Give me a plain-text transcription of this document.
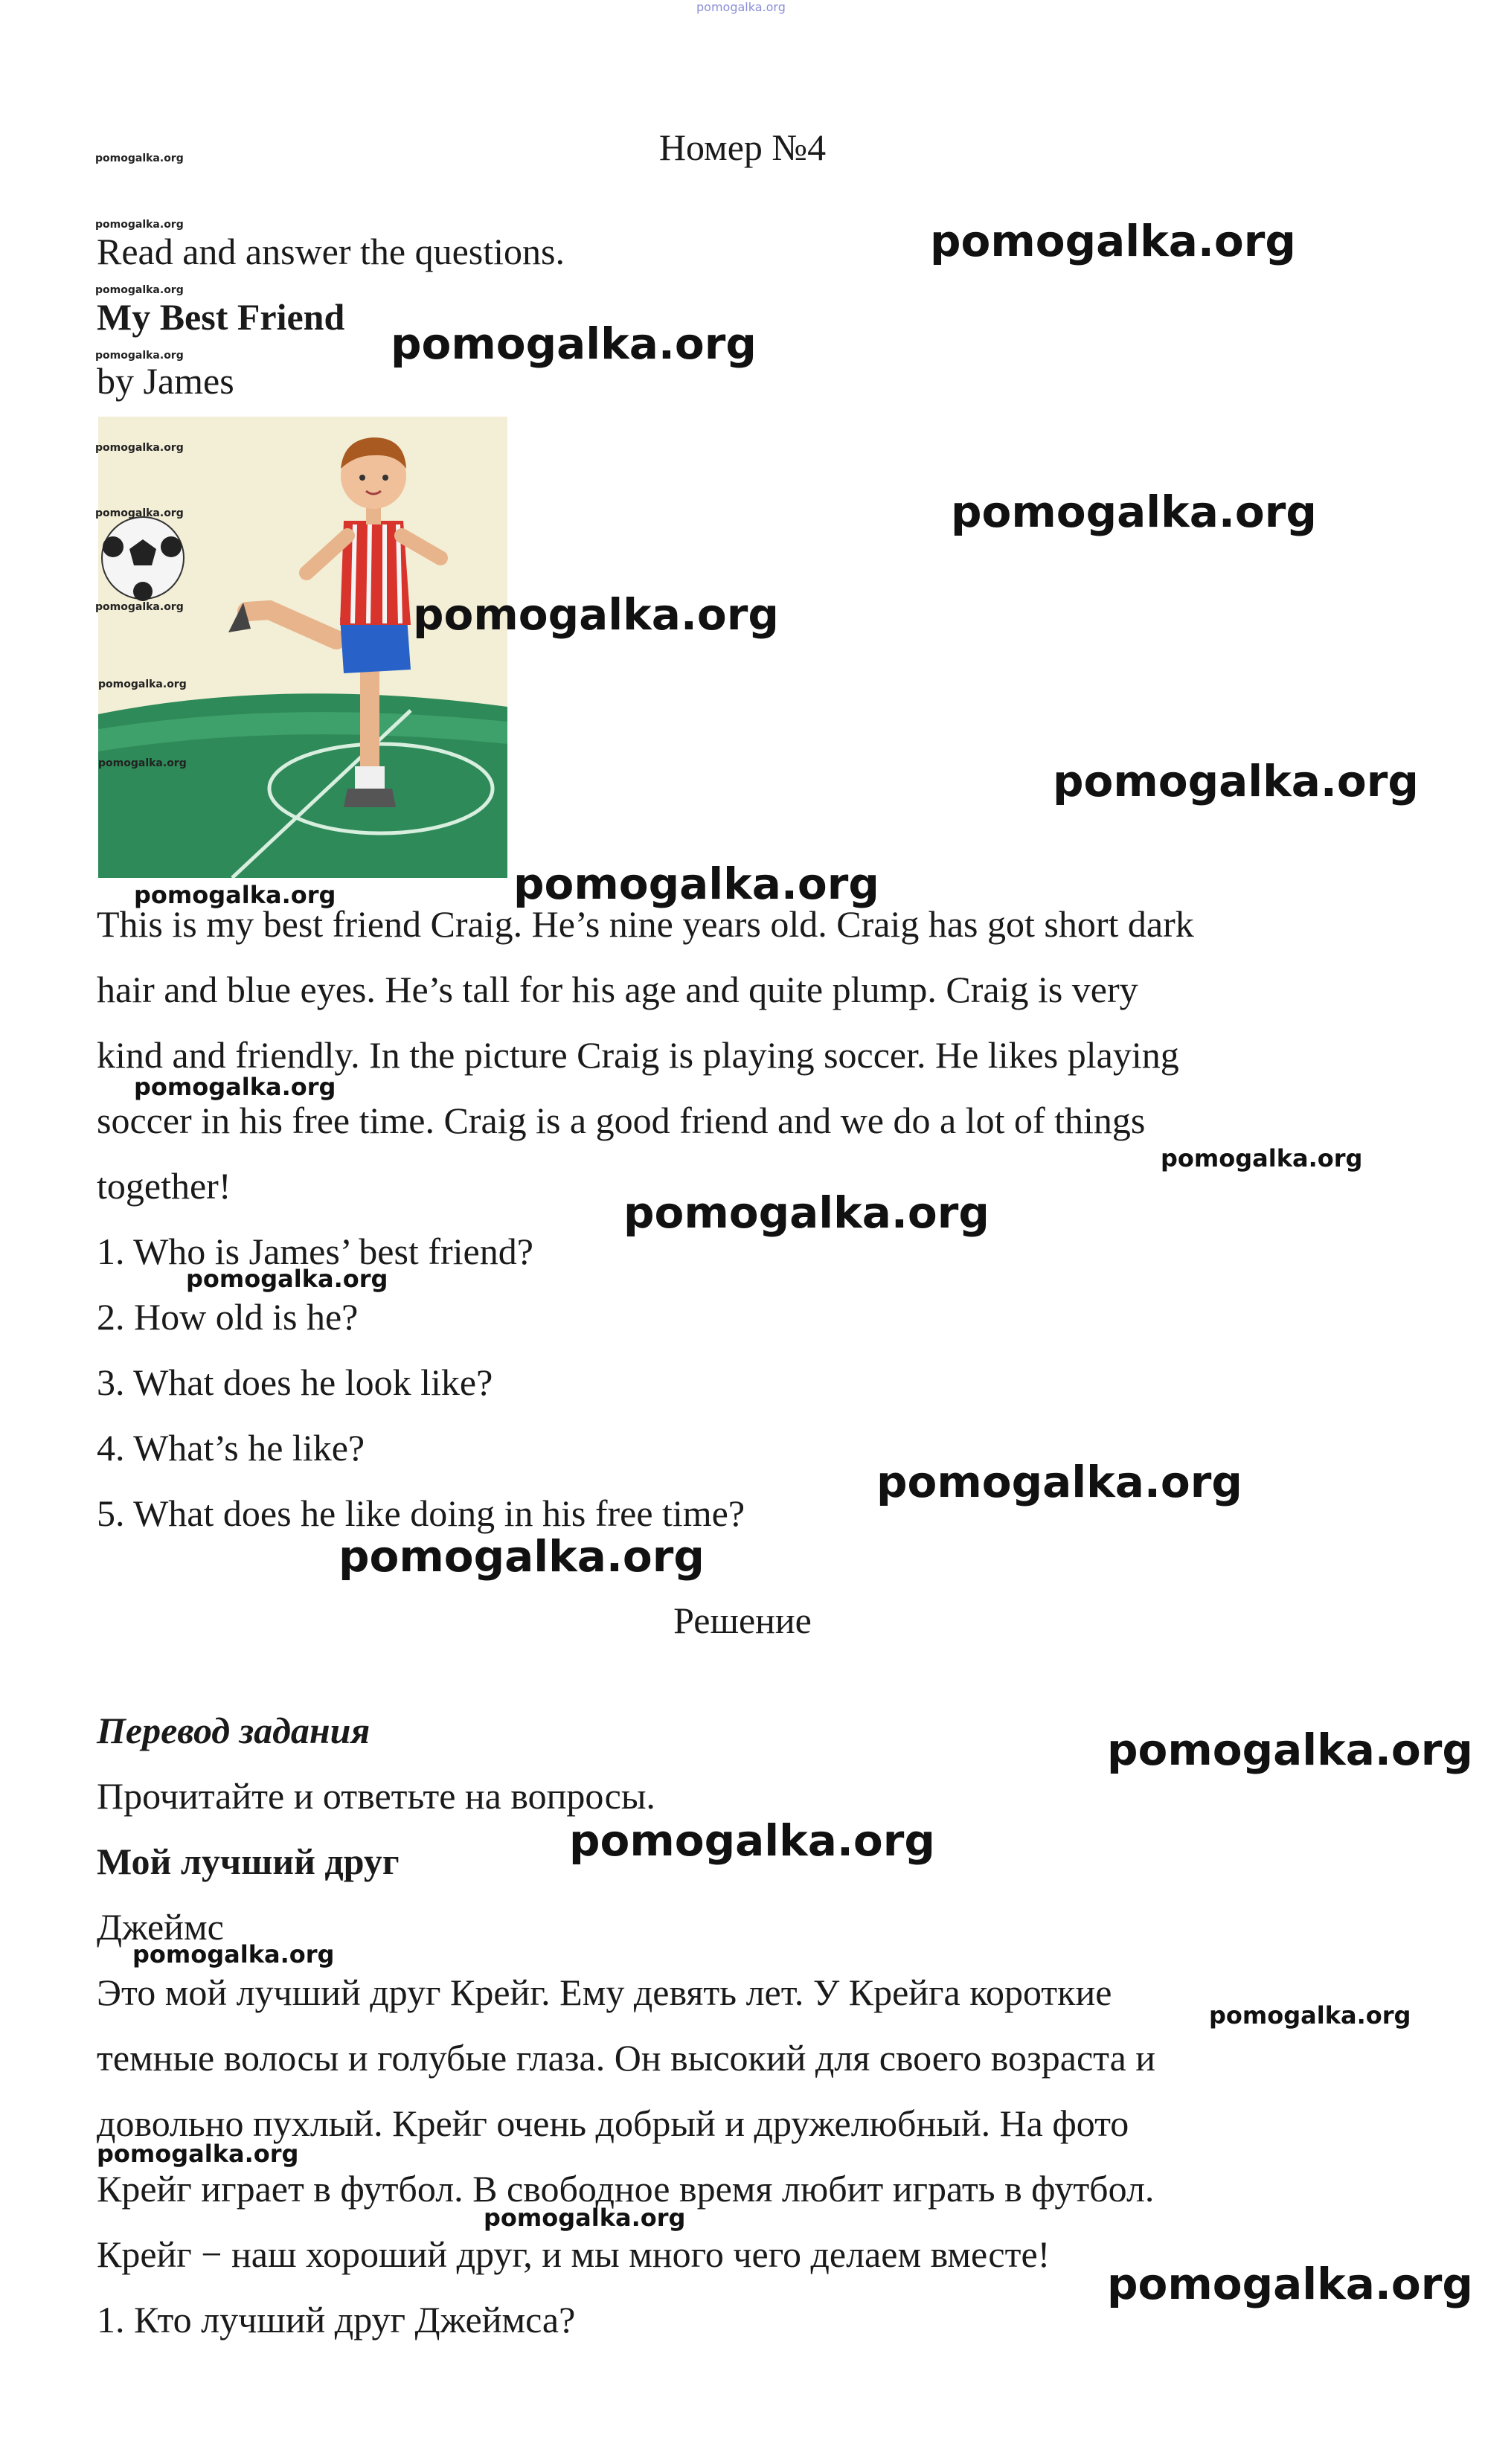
pomogalka.org
Номер №4
Read and answer the questions.
My Best Friend
by James
This is my best friend Craig. He’s nine years old. Craig has got short dark
hair and blue eyes. He’s tall for his age and quite plump. Craig is very
kind and friendly. In the picture Craig is playing soccer. He likes playing
soccer in his free time. Craig is a good friend and we do a lot of things
together!
1. Who is James’ best friend?
2. How old is he?
3. What does he look like?
4. What’s he like?
5. What does he like doing in his free time?
Решение
Перевод задания
Прочитайте и ответьте на вопросы.
Мой лучший друг
Джеймс
Это мой лучший друг Крейг. Ему девять лет. У Крейга короткие
темные волосы и голубые глаза. Он высокий для своего возраста и
довольно пухлый. Крейг очень добрый и дружелюбный. На фото
Крейг играет в футбол. В свободное время любит играть в футбол.
Крейг − наш хороший друг, и мы много чего делаем вместе!
1. Кто лучший друг Джеймса?
pomogalka.org
pomogalka.org
pomogalka.org
pomogalka.org
pomogalka.org
pomogalka.org
pomogalka.org
pomogalka.org
pomogalka.org
pomogalka.org
pomogalka.org
pomogalka.org
pomogalka.org
pomogalka.org
pomogalka.org
pomogalka.org
pomogalka.org
pomogalka.org
pomogalka.org
pomogalka.org
pomogalka.org
pomogalka.org
pomogalka.org
pomogalka.org
pomogalka.org
pomogalka.org
pomogalka.org
pomogalka.org
pomogalka.org
